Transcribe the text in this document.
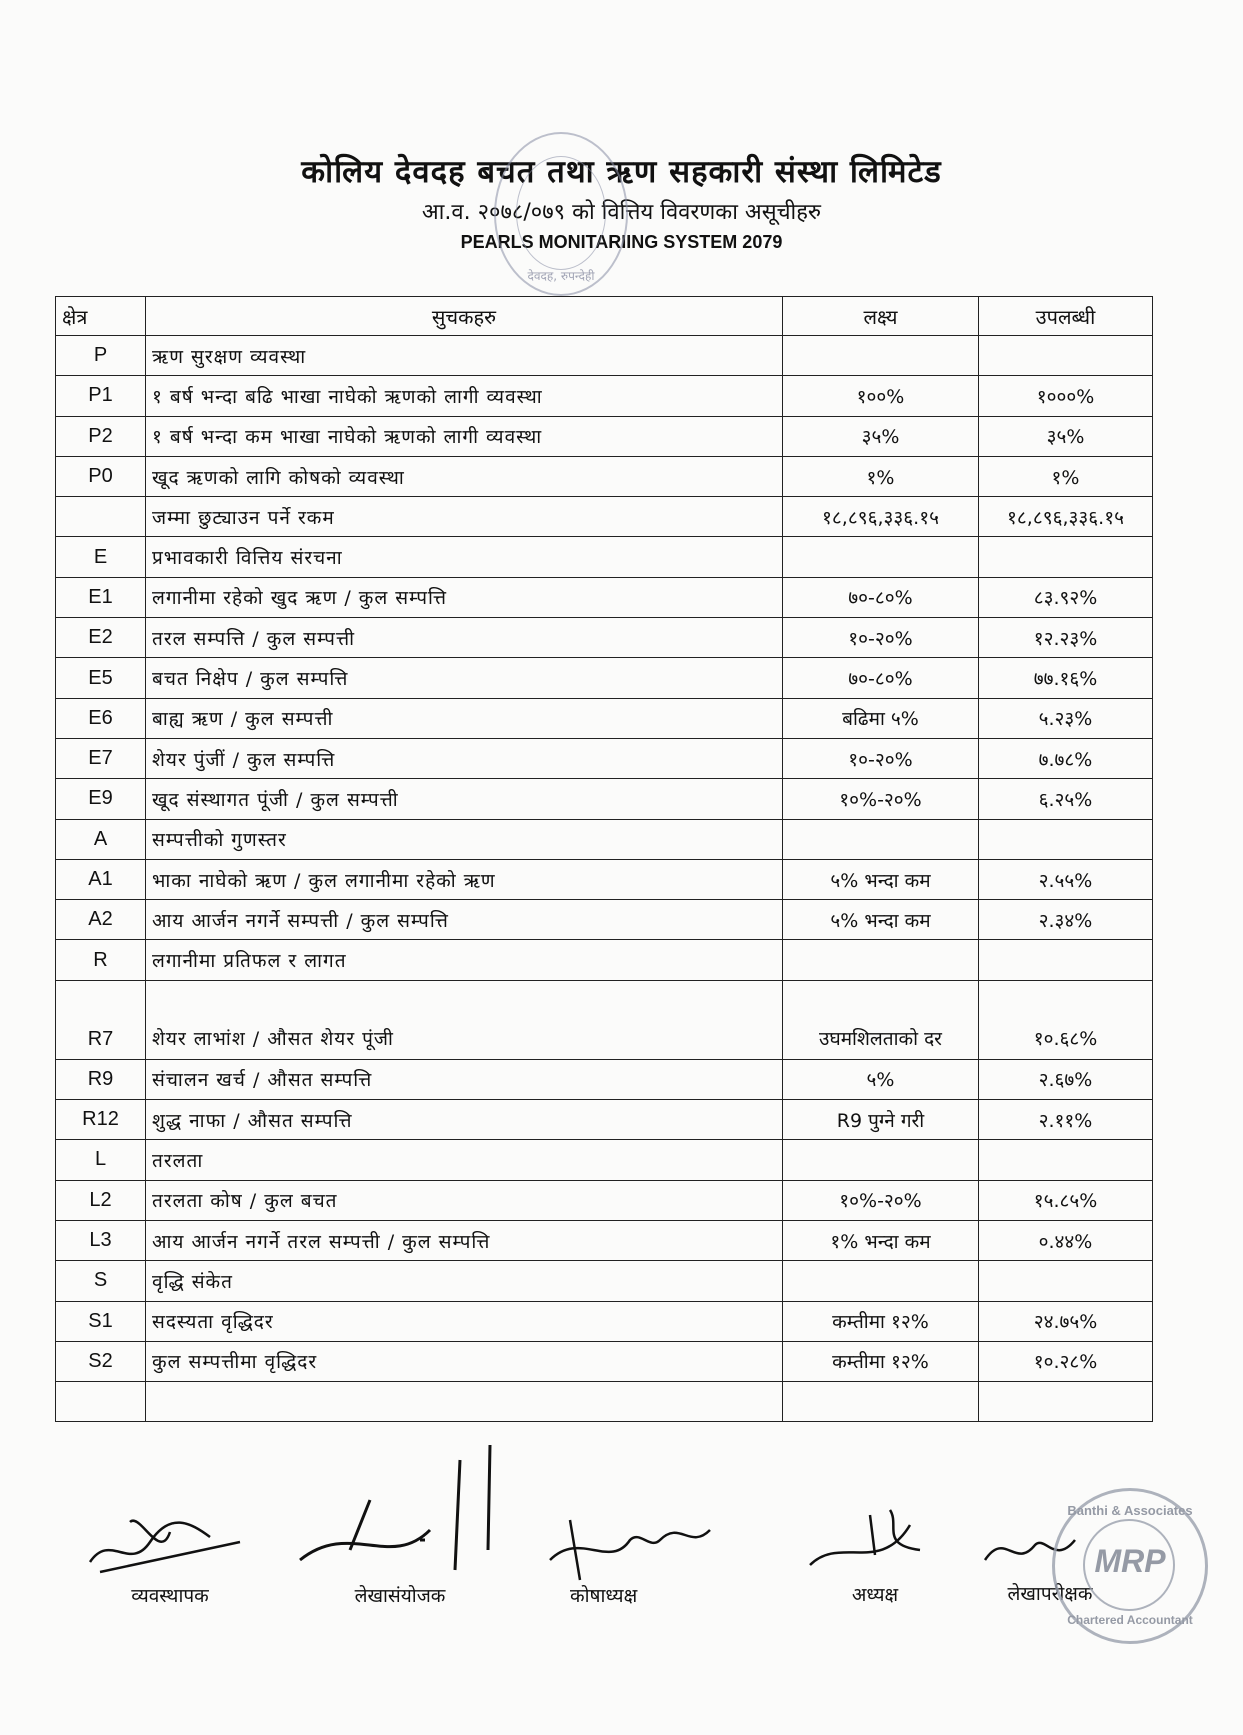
कोलिय देवदह बचत तथा ऋण सहकारी संस्था लिमिटेड
आ.व. २०७८/०७९ को वित्तिय विवरणका असूचीहरु
PEARLS MONITARIING SYSTEM 2079
देवदह, रुपन्देही
क्षेत्र	सुचकहरु	लक्ष्य	उपलब्धी
P	ऋण सुरक्षण व्यवस्था		
P1	१ बर्ष भन्दा बढि भाखा नाघेको ऋणको लागी व्यवस्था	१००%	१०००%
P2	१ बर्ष भन्दा कम भाखा नाघेको ऋणको लागी व्यवस्था	३५%	३५%
P0	खूद ऋणको लागि कोषको व्यवस्था	१%	१%
	जम्मा छुट्याउन पर्ने रकम	१८,८९६,३३६.१५	१८,८९६,३३६.१५
E	प्रभावकारी वित्तिय संरचना		
E1	लगानीमा रहेको खुद ऋण / कुल सम्पत्ति	७०-८०%	८३.९२%
E2	तरल सम्पत्ति / कुल सम्पत्ती	१०-२०%	१२.२३%
E5	बचत निक्षेप / कुल सम्पत्ति	७०-८०%	७७.१६%
E6	बाह्य ऋण / कुल सम्पत्ती	बढिमा ५%	५.२३%
E7	शेयर पुंजीं / कुल सम्पत्ति	१०-२०%	७.७८%
E9	खूद संस्थागत पूंजी / कुल सम्पत्ती	१०%-२०%	६.२५%
A	सम्पत्तीको गुणस्तर		
A1	भाका नाघेको ऋण / कुल लगानीमा रहेको ऋण	५% भन्दा कम	२.५५%
A2	आय आर्जन नगर्ने सम्पत्ती / कुल सम्पत्ति	५% भन्दा कम	२.३४%
R	लगानीमा प्रतिफल र लागत		
R7	शेयर लाभांश / औसत शेयर पूंजी	उघमशिलताको दर	१०.६८%
R9	संचालन खर्च / औसत सम्पत्ति	५%	२.६७%
R12	शुद्ध नाफा / औसत सम्पत्ति	R9 पुग्ने गरी	२.११%
L	तरलता		
L2	तरलता कोष / कुल बचत	१०%-२०%	१५.८५%
L3	आय आर्जन नगर्ने तरल सम्पत्ती / कुल सम्पत्ति	१% भन्दा कम	०.४४%
S	वृद्धि संकेत		
S1	सदस्यता वृद्धिदर	कम्तीमा १२%	२४.७५%
S2	कुल सम्पत्तीमा वृद्धिदर	कम्तीमा १२%	१०.२८%

व्यवस्थापक	लेखासंयोजक	कोषाध्यक्ष	अध्यक्ष	लेखापरीक्षक
Banthi & Associates
MRP
Chartered Accountant
